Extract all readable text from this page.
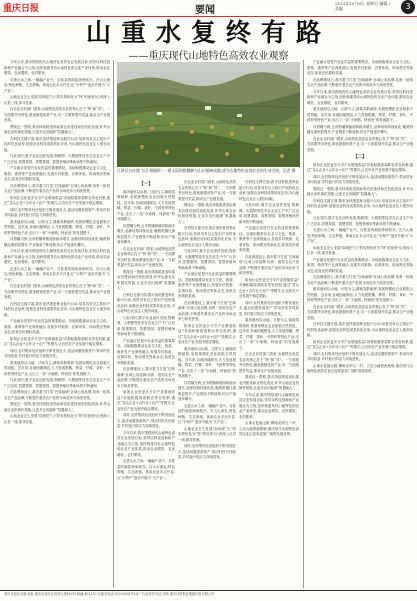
重庆日报	要闻
2023年10月8日 星期日 编辑 / 美编	3
山重水复终有路
——重庆现代山地特色高效农业观察

今年以来,我市围绕现代山地特色高效农业发展目标,坚持以科技创新和产业融合为主线,加快构建具有山地特色的农业产业体系,推动农业增效、农民增收、农村繁荣。

走进山水之间,一幅幅产业兴、百姓富的画卷徐徐展开。在大山深处,特色种植、生态养殖、休闲农业多点开花,让“小特产”逐步升级为“大产业”。

山地农业怎么发展?如何把“山”的劣势转化为“特”的优势?记者深入区县一线,探寻答案。

在农业农村部门看来,山地特色高效农业的核心在于“特”和“效”。一方面要突出特色,做优做强优势产业;另一方面要提升效益,推动全产业链发展。

围绕这一思路,我市持续推进高标准农田建设和宜机化改造,补齐山地农业机械化短板,让更多农田能够“机器换人”。

在科技支撑方面,我市加快推进种业振兴行动,培育具有自主知识产权的优良品种,加强农业科技成果转化应用,为山地特色农业注入强劲动能。

与此同时,数字农业加快发展,物联网、大数据等技术在农业生产中广泛应用,智慧果园、智慧茶园、智慧养殖场等新场景不断涌现。

产业融合是提升农业效益的重要路径。各地积极推动农业与文化、旅游、康养等产业深度融合,发展乡村旅游、农事体验、休闲观光等新业态,拓宽农民增收渠道。

在品牌建设上,我市着力打造“巴味渝珍”区域公用品牌,培育一批知名农产品品牌,不断提升重庆农产品的市场竞争力和美誉度。

如何让农民更多分享产业增值收益?各地积极探索联农带农机制,通过“龙头企业+合作社+农户”等模式,让农民在产业发展中稳定增收。

同时,农村集体经济组织不断发展壮大,盘活闲置资源资产,带动村民共同致富,乡村振兴的活力持续迸发。

重庆地形以山地、丘陵为主,耕地零散破碎,发展规模化农业面临天然短板。近年来,各地因地制宜,大力发展柑橘、榨菜、柠檬、茶叶、中药材等特色产业,走出了一条“小而精、特而优”的发展路子。

以柑橘为例,全市柑橘种植面积稳步增长,品种结构持续优化,晚熟柑橘比重明显提升,产业链条不断延伸,综合产值逐年攀升。

今年以来,我市围绕现代山地特色高效农业发展目标,坚持以科技创新和产业融合为主线,加快构建具有山地特色的农业产业体系,推动农业增效、农民增收、农村繁荣。

走进山水之间,一幅幅产业兴、百姓富的画卷徐徐展开。在大山深处,特色种植、生态养殖、休闲农业多点开花,让“小特产”逐步升级为“大产业”。

在农业农村部门看来,山地特色高效农业的核心在于“特”和“效”。一方面要突出特色,做优做强优势产业;另一方面要提升效益,推动全产业链发展。

在科技支撑方面,我市加快推进种业振兴行动,培育具有自主知识产权的优良品种,加强农业科技成果转化应用,为山地特色农业注入强劲动能。

产业融合是提升农业效益的重要路径。各地积极推动农业与文化、旅游、康养等产业深度融合,发展乡村旅游、农事体验、休闲观光等新业态,拓宽农民增收渠道。

如何让农民更多分享产业增值收益?各地积极探索联农带农机制,通过“龙头企业+合作社+农户”等模式,让农民在产业发展中稳定增收。

同时,农村集体经济组织不断发展壮大,盘活闲置资源资产,带动村民共同致富,乡村振兴的活力持续迸发。

重庆地形以山地、丘陵为主,耕地零散破碎,发展规模化农业面临天然短板。近年来,各地因地制宜,大力发展柑橘、榨菜、柠檬、茶叶、中药材等特色产业,走出了一条“小而精、特而优”的发展路子。

与此同时,数字农业加快发展,物联网、大数据等技术在农业生产中广泛应用,智慧果园、智慧茶园、智慧养殖场等新场景不断涌现。

在品牌建设上,我市着力打造“巴味渝珍”区域公用品牌,培育一批知名农产品品牌,不断提升重庆农产品的市场竞争力和美誉度。

围绕这一思路,我市持续推进高标准农田建设和宜机化改造,补齐山地农业机械化短板,让更多农田能够“机器换人”。

山地农业怎么发展?如何把“山”的劣势转化为“特”的优势?记者深入区县一线,探寻答案。

江津区白沙镇“长江柑橘带”,一望无际的柑橘树与山川相映成趣,成为山地特色高效农业的生动写照。记者 摄
【一】

重庆地形以山地、丘陵为主,耕地零散破碎,发展规模化农业面临天然短板。近年来,各地因地制宜,大力发展柑橘、榨菜、柠檬、茶叶、中药材等特色产业,走出了一条“小而精、特而优”的发展路子。

以柑橘为例,全市柑橘种植面积稳步增长,品种结构持续优化,晚熟柑橘比重明显提升,产业链条不断延伸,综合产值逐年攀升。

在农业农村部门看来,山地特色高效农业的核心在于“特”和“效”。一方面要突出特色,做优做强优势产业;另一方面要提升效益,推动全产业链发展。

围绕这一思路,我市持续推进高标准农田建设和宜机化改造,补齐山地农业机械化短板,让更多农田能够“机器换人”。

在科技支撑方面,我市加快推进种业振兴行动,培育具有自主知识产权的优良品种,加强农业科技成果转化应用,为山地特色农业注入强劲动能。

与此同时,数字农业加快发展,物联网、大数据等技术在农业生产中广泛应用,智慧果园、智慧茶园、智慧养殖场等新场景不断涌现。

产业融合是提升农业效益的重要路径。各地积极推动农业与文化、旅游、康养等产业深度融合,发展乡村旅游、农事体验、休闲观光等新业态,拓宽农民增收渠道。

在品牌建设上,我市着力打造“巴味渝珍”区域公用品牌,培育一批知名农产品品牌,不断提升重庆农产品的市场竞争力和美誉度。

如何让农民更多分享产业增值收益?各地积极探索联农带农机制,通过“龙头企业+合作社+农户”等模式,让农民在产业发展中稳定增收。

同时,农村集体经济组织不断发展壮大,盘活闲置资源资产,带动村民共同致富,乡村振兴的活力持续迸发。

今年以来,我市围绕现代山地特色高效农业发展目标,坚持以科技创新和产业融合为主线,加快构建具有山地特色的农业产业体系,推动农业增效、农民增收、农村繁荣。

走进山水之间,一幅幅产业兴、百姓富的画卷徐徐展开。在大山深处,特色种植、生态养殖、休闲农业多点开花,让“小特产”逐步升级为“大产业”。

在农业农村部门看来,山地特色高效农业的核心在于“特”和“效”。一方面要突出特色,做优做强优势产业;另一方面要提升效益,推动全产业链发展。

围绕这一思路,我市持续推进高标准农田建设和宜机化改造,补齐山地农业机械化短板,让更多农田能够“机器换人”。

在科技支撑方面,我市加快推进种业振兴行动,培育具有自主知识产权的优良品种,加强农业科技成果转化应用,为山地特色农业注入强劲动能。

与此同时,数字农业加快发展,物联网、大数据等技术在农业生产中广泛应用,智慧果园、智慧茶园、智慧养殖场等新场景不断涌现。

产业融合是提升农业效益的重要路径。各地积极推动农业与文化、旅游、康养等产业深度融合,发展乡村旅游、农事体验、休闲观光等新业态,拓宽农民增收渠道。

在品牌建设上,我市着力打造“巴味渝珍”区域公用品牌,培育一批知名农产品品牌,不断提升重庆农产品的市场竞争力和美誉度。

如何让农民更多分享产业增值收益?各地积极探索联农带农机制,通过“龙头企业+合作社+农户”等模式,让农民在产业发展中稳定增收。

重庆地形以山地、丘陵为主,耕地零散破碎,发展规模化农业面临天然短板。近年来,各地因地制宜,大力发展柑橘、榨菜、柠檬、茶叶、中药材等特色产业,走出了一条“小而精、特而优”的发展路子。

以柑橘为例,全市柑橘种植面积稳步增长,品种结构持续优化,晚熟柑橘比重明显提升,产业链条不断延伸,综合产值逐年攀升。

走进山水之间,一幅幅产业兴、百姓富的画卷徐徐展开。在大山深处,特色种植、生态养殖、休闲农业多点开花,让“小特产”逐步升级为“大产业”。

山地农业怎么发展?如何把“山”的劣势转化为“特”的优势?记者深入区县一线,探寻答案。

同时,农村集体经济组织不断发展壮大,盘活闲置资源资产,带动村民共同致富,乡村振兴的活力持续迸发。

在科技支撑方面,我市加快推进种业振兴行动,培育具有自主知识产权的优良品种,加强农业科技成果转化应用,为山地特色农业注入强劲动能。

与此同时,数字农业加快发展,物联网、大数据等技术在农业生产中广泛应用,智慧果园、智慧茶园、智慧养殖场等新场景不断涌现。

产业融合是提升农业效益的重要路径。各地积极推动农业与文化、旅游、康养等产业深度融合,发展乡村旅游、农事体验、休闲观光等新业态,拓宽农民增收渠道。

在品牌建设上,我市着力打造“巴味渝珍”区域公用品牌,培育一批知名农产品品牌,不断提升重庆农产品的市场竞争力和美誉度。

如何让农民更多分享产业增值收益?各地积极探索联农带农机制,通过“龙头企业+合作社+农户”等模式,让农民在产业发展中稳定增收。

同时,农村集体经济组织不断发展壮大,盘活闲置资源资产,带动村民共同致富,乡村振兴的活力持续迸发。

重庆地形以山地、丘陵为主,耕地零散破碎,发展规模化农业面临天然短板。近年来,各地因地制宜,大力发展柑橘、榨菜、柠檬、茶叶、中药材等特色产业,走出了一条“小而精、特而优”的发展路子。

在农业农村部门看来,山地特色高效农业的核心在于“特”和“效”。一方面要突出特色,做优做强优势产业;另一方面要提升效益,推动全产业链发展。

围绕这一思路,我市持续推进高标准农田建设和宜机化改造,补齐山地农业机械化短板,让更多农田能够“机器换人”。

今年以来,我市围绕现代山地特色高效农业发展目标,坚持以科技创新和产业融合为主线,加快构建具有山地特色的农业产业体系,推动农业增效、农民增收、农村繁荣。

山重水复疑无路,柳暗花明又一村。立足山地资源禀赋,重庆现代山地特色高效农业正迎来更加广阔的发展前景。

产业融合是提升农业效益的重要路径。各地积极推动农业与文化、旅游、康养等产业深度融合,发展乡村旅游、农事体验、休闲观光等新业态,拓宽农民增收渠道。

在品牌建设上,我市着力打造“巴味渝珍”区域公用品牌,培育一批知名农产品品牌,不断提升重庆农产品的市场竞争力和美誉度。

今年以来,我市围绕现代山地特色高效农业发展目标,坚持以科技创新和产业融合为主线,加快构建具有山地特色的农业产业体系,推动农业增效、农民增收、农村繁荣。

重庆地形以山地、丘陵为主,耕地零散破碎,发展规模化农业面临天然短板。近年来,各地因地制宜,大力发展柑橘、榨菜、柠檬、茶叶、中药材等特色产业,走出了一条“小而精、特而优”的发展路子。

以柑橘为例,全市柑橘种植面积稳步增长,品种结构持续优化,晚熟柑橘比重明显提升,产业链条不断延伸,综合产值逐年攀升。

在农业农村部门看来,山地特色高效农业的核心在于“特”和“效”。一方面要突出特色,做优做强优势产业;另一方面要提升效益,推动全产业链发展。

【二】

如何让农民更多分享产业增值收益?各地积极探索联农带农机制,通过“龙头企业+合作社+农户”等模式,让农民在产业发展中稳定增收。

同时,农村集体经济组织不断发展壮大,盘活闲置资源资产,带动村民共同致富,乡村振兴的活力持续迸发。

围绕这一思路,我市持续推进高标准农田建设和宜机化改造,补齐山地农业机械化短板,让更多农田能够“机器换人”。

在科技支撑方面,我市加快推进种业振兴行动,培育具有自主知识产权的优良品种,加强农业科技成果转化应用,为山地特色农业注入强劲动能。

与此同时,数字农业加快发展,物联网、大数据等技术在农业生产中广泛应用,智慧果园、智慧茶园、智慧养殖场等新场景不断涌现。

走进山水之间,一幅幅产业兴、百姓富的画卷徐徐展开。在大山深处,特色种植、生态养殖、休闲农业多点开花,让“小特产”逐步升级为“大产业”。

山地农业怎么发展?如何把“山”的劣势转化为“特”的优势?记者深入区县一线,探寻答案。

产业融合是提升农业效益的重要路径。各地积极推动农业与文化、旅游、康养等产业深度融合,发展乡村旅游、农事体验、休闲观光等新业态,拓宽农民增收渠道。

在品牌建设上,我市着力打造“巴味渝珍”区域公用品牌,培育一批知名农产品品牌,不断提升重庆农产品的市场竞争力和美誉度。

重庆地形以山地、丘陵为主,耕地零散破碎,发展规模化农业面临天然短板。近年来,各地因地制宜,大力发展柑橘、榨菜、柠檬、茶叶、中药材等特色产业,走出了一条“小而精、特而优”的发展路子。

在农业农村部门看来,山地特色高效农业的核心在于“特”和“效”。一方面要突出特色,做优做强优势产业;另一方面要提升效益,推动全产业链发展。

在科技支撑方面,我市加快推进种业振兴行动,培育具有自主知识产权的优良品种,加强农业科技成果转化应用,为山地特色农业注入强劲动能。

如何让农民更多分享产业增值收益?各地积极探索联农带农机制,通过“龙头企业+合作社+农户”等模式,让农民在产业发展中稳定增收。

同时,农村集体经济组织不断发展壮大,盘活闲置资源资产,带动村民共同致富,乡村振兴的活力持续迸发。

山重水复疑无路,柳暗花明又一村。立足山地资源禀赋,重庆现代山地特色高效农业正迎来更加广阔的发展前景。

重庆日报社出版 地址:重庆市渝北区同茂大道416号 邮编:401120 总编室电话:023-63907114 广告经营许可证 印刷:重庆日报报业集团印务有限公司
